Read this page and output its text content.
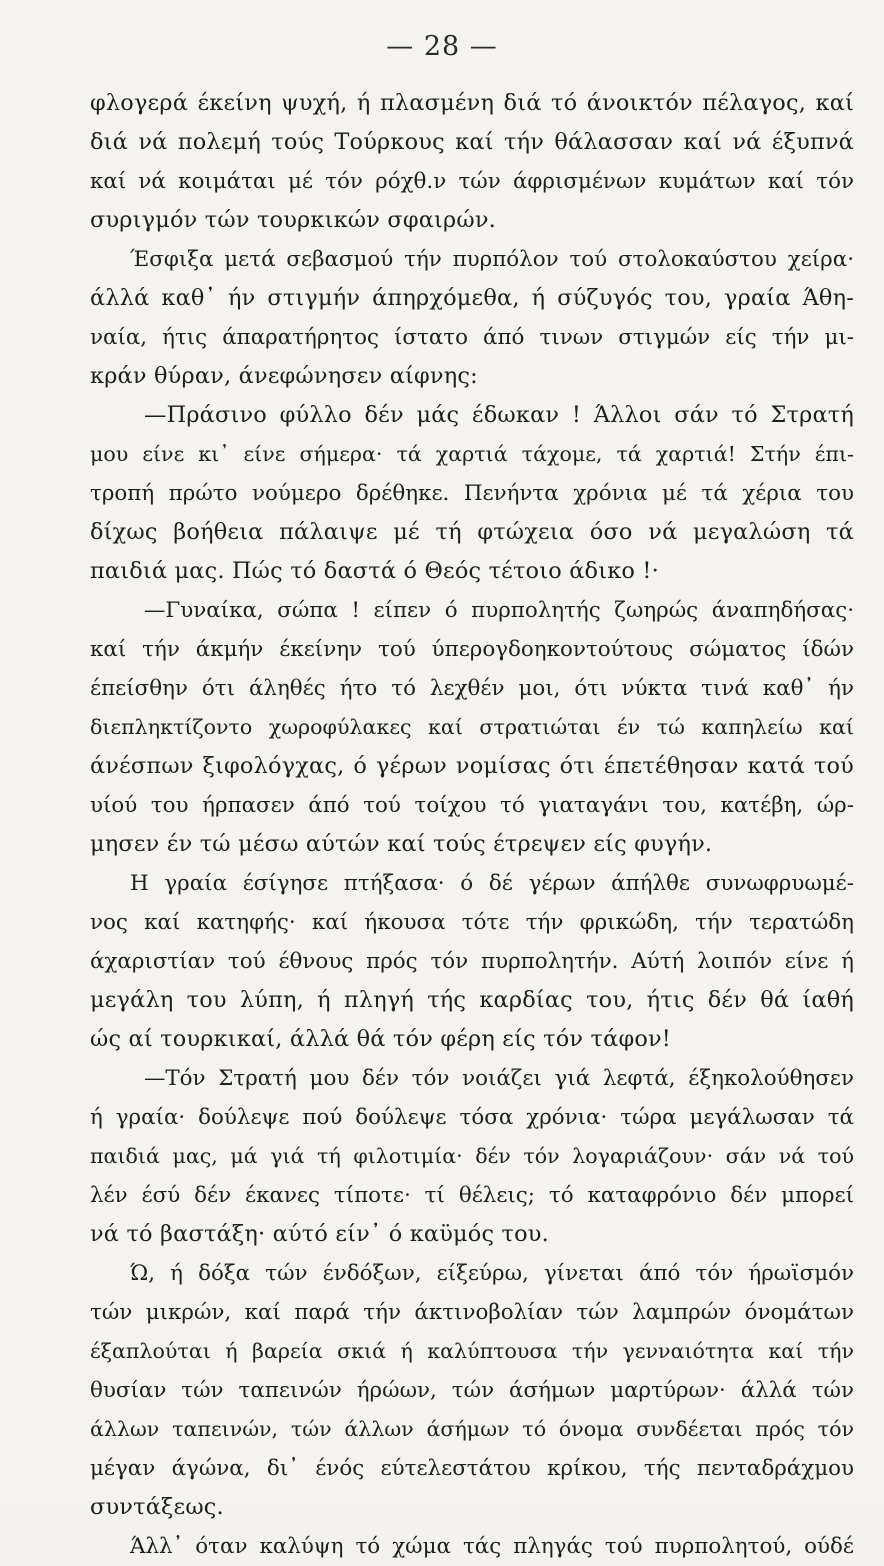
— 28 —
φλογερά έκείνη ψυχή, ή πλασμένη διά τό άνοικτόν πέλαγος, καί
διά νά πολεμή τούς Τούρκους καί τήν θάλασσαν καί νά έξυπνά
καί νά κοιμάται μέ τόν ρόχθ.ν τών άφρισμένων κυμάτων καί τόν
συριγμόν τών τουρκικών σφαιρών.
Έσφιξα μετά σεβασμού τήν πυρπόλον τού στολοκαύστου χείρα·
άλλά καθ᾿ ήν στιγμήν άπηρχόμεθα, ή σύζυγός του, γραία Άθη-
ναία, ήτις άπαρατήρητος ίστατο άπό τινων στιγμών είς τήν μι-
κράν θύραν, άνεφώνησεν αίφνης:
—Πράσινο φύλλο δέν μάς έδωκαν ! Άλλοι σάν τό Στρατή
μου είνε κι᾿ είνε σήμερα· τά χαρτιά τάχομε, τά χαρτιά! Στήν έπι-
τροπή πρώτο νούμερο δρέθηκε. Πενήντα χρόνια μέ τά χέρια του
δίχως βοήθεια πάλαιψε μέ τή φτώχεια όσο νά μεγαλώση τά
παιδιά μας. Πώς τό δαστά ό Θεός τέτοιο άδικο !·
—Γυναίκα, σώπα ! είπεν ό πυρπολητής ζωηρώς άναπηδήσας·
καί τήν άκμήν έκείνην τού ύπερογδοηκοντούτους σώματος ίδών
έπείσθην ότι άληθές ήτο τό λεχθέν μοι, ότι νύκτα τινά καθ᾿ ήν
διεπληκτίζοντο χωροφύλακες καί στρατιώται έν τώ καπηλείω καί
άνέσπων ξιφολόγχας, ό γέρων νομίσας ότι έπετέθησαν κατά τού
υίού του ήρπασεν άπό τού τοίχου τό γιαταγάνι του, κατέβη, ώρ-
μησεν έν τώ μέσω αύτών καί τούς έτρεψεν είς φυγήν.
Η γραία έσίγησε πτήξασα· ό δέ γέρων άπήλθε συνωφρυωμέ-
νος καί κατηφής· καί ήκουσα τότε τήν φρικώδη, τήν τερατώδη
άχαριστίαν τού έθνους πρός τόν πυρπολητήν. Αύτή λοιπόν είνε ή
μεγάλη του λύπη, ή πληγή τής καρδίας του, ήτις δέν θά ίαθή
ώς αί τουρκικαί, άλλά θά τόν φέρη είς τόν τάφον!
—Τόν Στρατή μου δέν τόν νοιάζει γιά λεφτά, έξηκολούθησεν
ή γραία· δούλεψε πού δούλεψε τόσα χρόνια· τώρα μεγάλωσαν τά
παιδιά μας, μά γιά τή φιλοτιμία· δέν τόν λογαριάζουν· σάν νά τού
λέν έσύ δέν έκανες τίποτε· τί θέλεις; τό καταφρόνιο δέν μπορεί
νά τό βαστάξη· αύτό είν᾿ ό καϋμός του.
Ώ, ή δόξα τών ένδόξων, είξεύρω, γίνεται άπό τόν ήρωϊσμόν
τών μικρών, καί παρά τήν άκτινοβολίαν τών λαμπρών όνομάτων
έξαπλούται ή βαρεία σκιά ή καλύπτουσα τήν γενναιότητα καί τήν
θυσίαν τών ταπεινών ήρώων, τών άσήμων μαρτύρων· άλλά τών
άλλων ταπεινών, τών άλλων άσήμων τό όνομα συνδέεται πρός τόν
μέγαν άγώνα, δι᾿ ένός εύτελεστάτου κρίκου, τής πενταδράχμου
συντάξεως.
Άλλ᾿ όταν καλύψη τό χώμα τάς πληγάς τού πυρπολητού, ούδέ
